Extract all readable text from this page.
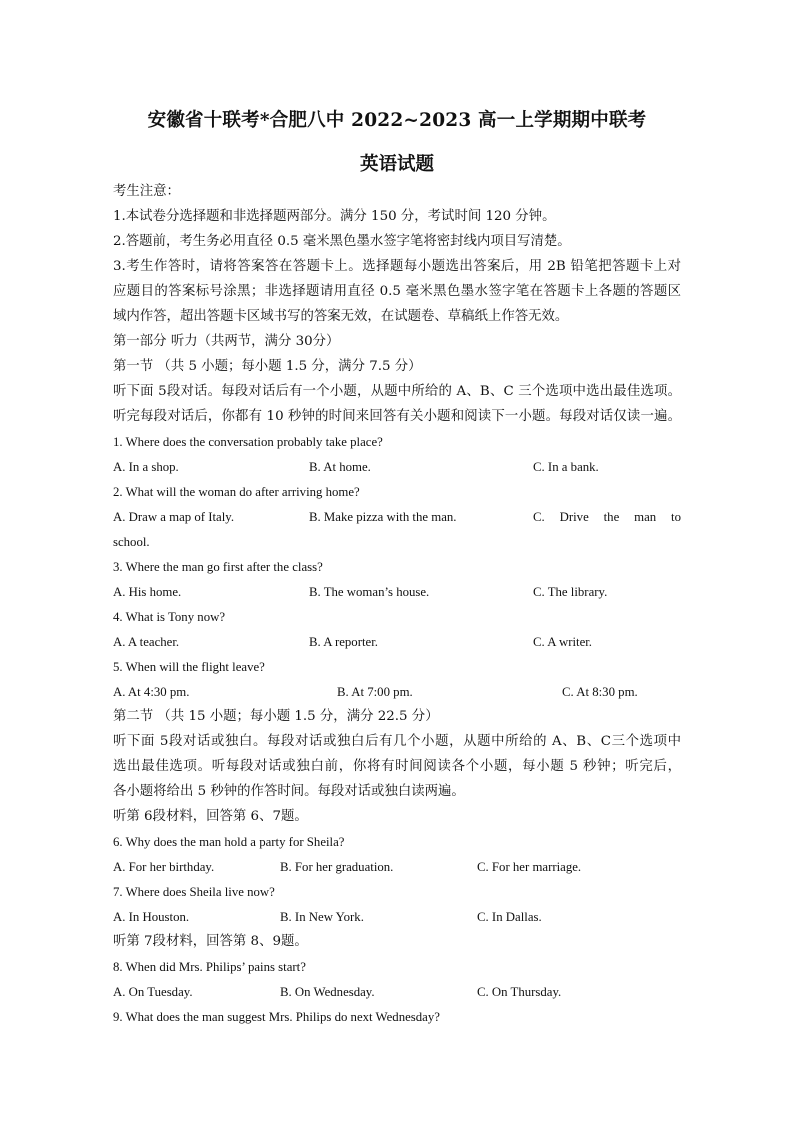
安徽省十联考*合肥八中 2022~2023 高一上学期期中联考
英语试题
考生注意：
1.本试卷分选择题和非选择题两部分。满分 150 分，考试时间 120 分钟。
2.答题前，考生务必用直径 0.5 毫米黑色墨水签字笔将密封线内项目写清楚。
3.考生作答时，请将答案答在答题卡上。选择题每小题选出答案后，用 2B 铅笔把答题卡上对
应题目的答案标号涂黑；非选择题请用直径 0.5 毫米黑色墨水签字笔在答题卡上各题的答题区
域内作答，超出答题卡区域书写的答案无效，在试题卷、草稿纸上作答无效。
第一部分 听力（共两节，满分 30分）
第一节 （共 5 小题；每小题 1.5 分，满分 7.5 分）
听下面 5段对话。每段对话后有一个小题，从题中所给的 A、B、C 三个选项中选出最佳选项。
听完每段对话后，你都有 10 秒钟的时间来回答有关小题和阅读下一小题。每段对话仅读一遍。
1. Where does the conversation probably take place?
A. In a shop.	B. At home.	C. In a bank.
2. What will the woman do after arriving home?
A. Draw a map of Italy.	B. Make pizza with the man.	C. Drive the man to
school.
3. Where the man go first after the class?
A. His home.	B. The woman’s house.	C. The library.
4. What is Tony now?
A. A teacher.	B. A reporter.	C. A writer.
5. When will the flight leave?
A. At 4:30 pm.	B. At 7:00 pm.	C. At 8:30 pm.
第二节 （共 15 小题；每小题 1.5 分，满分 22.5 分）
听下面 5段对话或独白。每段对话或独白后有几个小题，从题中所给的 A、B、C三个选项中
选出最佳选项。听每段对话或独白前，你将有时间阅读各个小题，每小题 5 秒钟；听完后，
各小题将给出 5 秒钟的作答时间。每段对话或独白读两遍。
听第 6段材料，回答第 6、7题。
6. Why does the man hold a party for Sheila?
A. For her birthday.	B. For her graduation.	C. For her marriage.
7. Where does Sheila live now?
A. In Houston.	B. In New York.	C. In Dallas.
听第 7段材料，回答第 8、9题。
8. When did Mrs. Philips’ pains start?
A. On Tuesday.	B. On Wednesday.	C. On Thursday.
9. What does the man suggest Mrs. Philips do next Wednesday?
